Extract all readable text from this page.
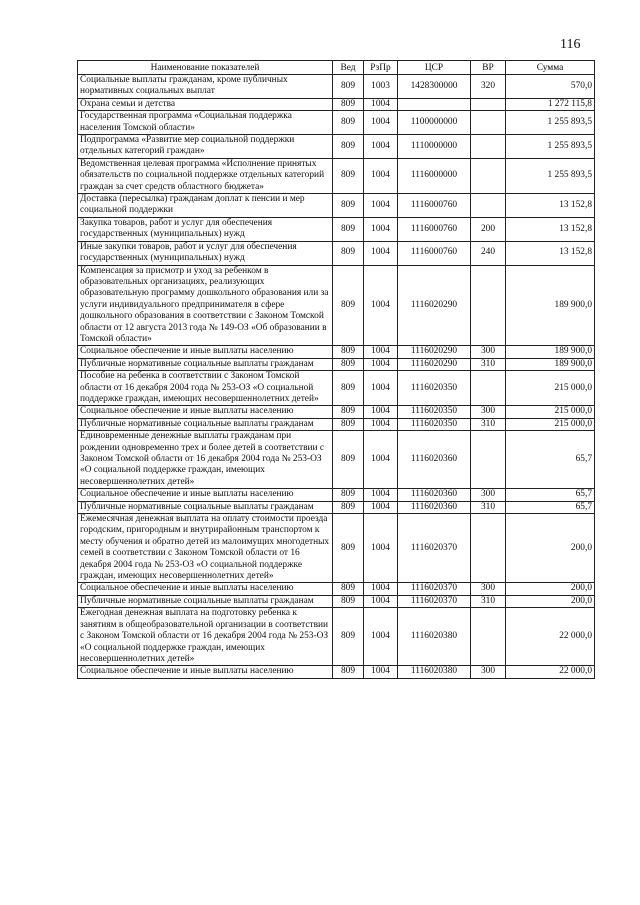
116
Наименование показателей	Вед	РзПр	ЦСР	ВР	Сумма
Социальные выплаты гражданам, кроме публичных нормативных социальных выплат	809	1003	1428300000	320	570,0
Охрана семьи и детства	809	1004			1 272 115,8
Государственная программа «Социальная поддержка населения Томской области»	809	1004	1100000000		1 255 893,5
Подпрограмма «Развитие мер социальной поддержки отдельных категорий граждан»	809	1004	1110000000		1 255 893,5
Ведомственная целевая программа «Исполнение принятых обязательств по социальной поддержке отдельных категорий граждан за счет средств областного бюджета»	809	1004	1116000000		1 255 893,5
Доставка (пересылка) гражданам доплат к пенсии и мер социальной поддержки	809	1004	1116000760		13 152,8
Закупка товаров, работ и услуг для обеспечения государственных (муниципальных) нужд	809	1004	1116000760	200	13 152,8
Иные закупки товаров, работ и услуг для обеспечения государственных (муниципальных) нужд	809	1004	1116000760	240	13 152,8
Компенсация за присмотр и уход за ребенком в образовательных организациях, реализующих образовательную программу дошкольного образования или за услуги индивидуального предпринимателя в сфере дошкольного образования в соответствии с Законом Томской области от 12 августа 2013 года № 149-ОЗ «Об образовании в Томской области»	809	1004	1116020290		189 900,0
Социальное обеспечение и иные выплаты населению	809	1004	1116020290	300	189 900,0
Публичные нормативные социальные выплаты гражданам	809	1004	1116020290	310	189 900,0
Пособие на ребенка в соответствии с Законом Томской области от 16 декабря 2004 года № 253-ОЗ «О социальной поддержке граждан, имеющих несовершеннолетних детей»	809	1004	1116020350		215 000,0
Социальное обеспечение и иные выплаты населению	809	1004	1116020350	300	215 000,0
Публичные нормативные социальные выплаты гражданам	809	1004	1116020350	310	215 000,0
Единовременные денежные выплаты гражданам при рождении одновременно трех и более детей в соответствии с Законом Томской области от 16 декабря 2004 года № 253-ОЗ «О социальной поддержке граждан, имеющих несовершеннолетних детей»	809	1004	1116020360		65,7
Социальное обеспечение и иные выплаты населению	809	1004	1116020360	300	65,7
Публичные нормативные социальные выплаты гражданам	809	1004	1116020360	310	65,7
Ежемесячная денежная выплата на оплату стоимости проезда городским, пригородным и внутрирайонным транспортом к месту обучения и обратно детей из малоимущих многодетных семей в соответствии с Законом Томской области от 16 декабря 2004 года № 253-ОЗ «О социальной поддержке граждан, имеющих несовершеннолетних детей»	809	1004	1116020370		200,0
Социальное обеспечение и иные выплаты населению	809	1004	1116020370	300	200,0
Публичные нормативные социальные выплаты гражданам	809	1004	1116020370	310	200,0
Ежегодная денежная выплата на подготовку ребенка к занятиям в общеобразовательной организации в соответствии с Законом Томской области от 16 декабря 2004 года № 253-ОЗ «О социальной поддержке граждан, имеющих несовершеннолетних детей»	809	1004	1116020380		22 000,0
Социальное обеспечение и иные выплаты населению	809	1004	1116020380	300	22 000,0
